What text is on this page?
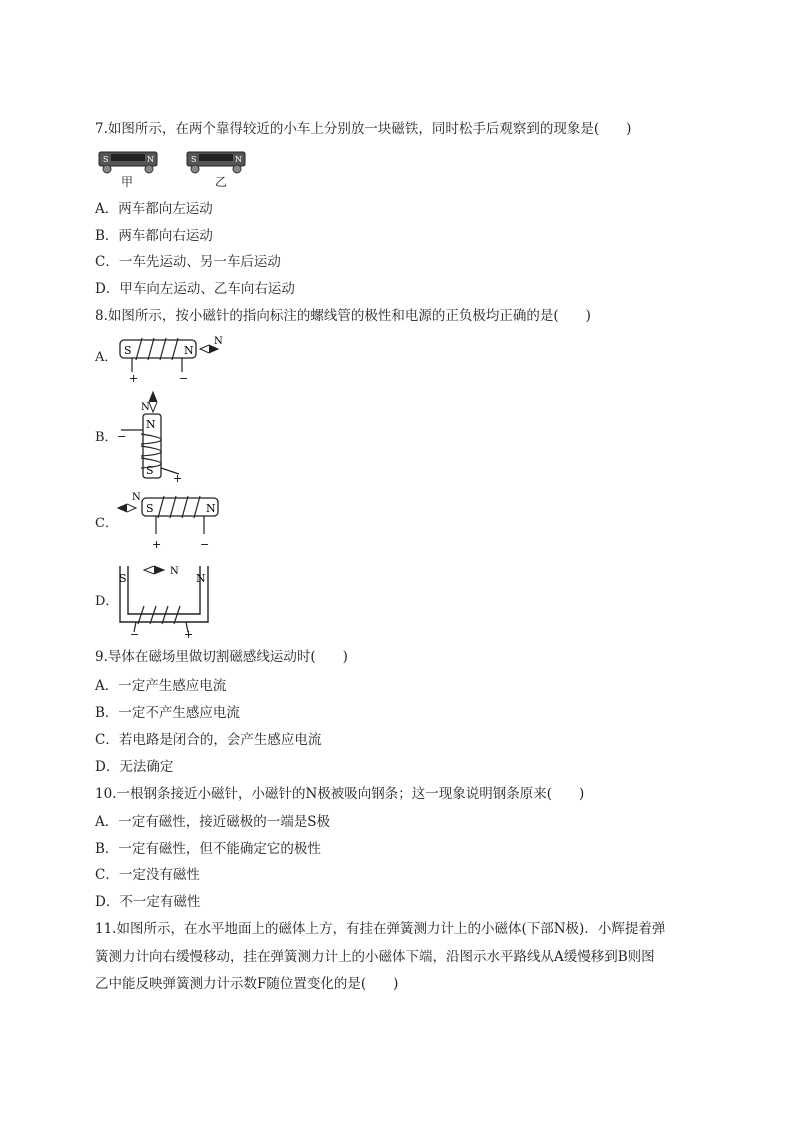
7.如图所示，在两个靠得较近的小车上分别放一块磁铁，同时松手后观察到的现象是(　　)
S	N
甲
S	N
乙
A．两车都向左运动
B．两车都向右运动
C．一车先运动、另一车后运动
D．甲车向左运动、乙车向右运动
8.如图所示，按小磁针的指向标注的螺线管的极性和电源的正负极均正确的是(　　)
A． S	N
+	−
N
B．
N
N
S
−
+
C．
N
S	N
+	−
D．
N
S	N
−	+
9.导体在磁场里做切割磁感线运动时(　　)
A．一定产生感应电流
B．一定不产生感应电流
C．若电路是闭合的，会产生感应电流
D．无法确定
10.一根钢条接近小磁针，小磁针的N极被吸向钢条；这一现象说明钢条原来(　　)
A．一定有磁性，接近磁极的一端是S极
B．一定有磁性，但不能确定它的极性
C．一定没有磁性
D．不一定有磁性
11.如图所示，在水平地面上的磁体上方，有挂在弹簧测力计上的小磁体(下部N极)．小辉提着弹
簧测力计向右缓慢移动，挂在弹簧测力计上的小磁体下端，沿图示水平路线从A缓慢移到B则图
乙中能反映弹簧测力计示数F随位置变化的是(　　)
